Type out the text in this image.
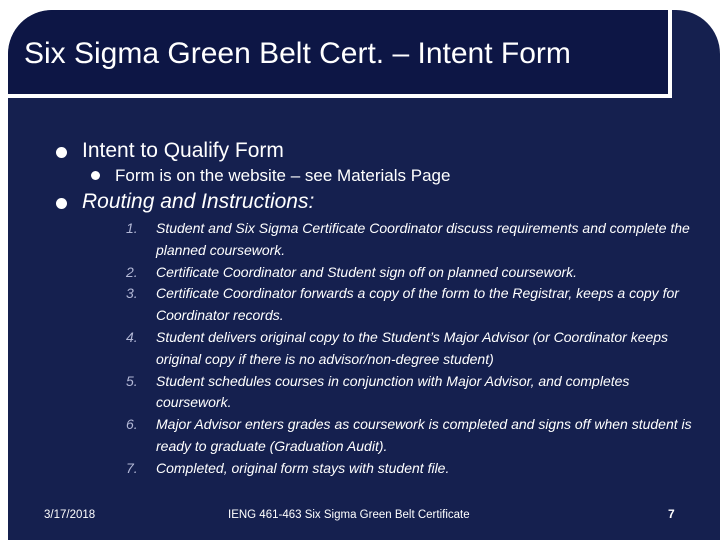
Six Sigma Green Belt Cert. – Intent Form
Intent to Qualify Form
Form is on the website – see Materials Page
Routing and Instructions:
1. Student and Six Sigma Certificate Coordinator discuss requirements and complete the planned coursework.
2. Certificate Coordinator and Student sign off on planned coursework.
3. Certificate Coordinator forwards a copy of the form to the Registrar, keeps a copy for Coordinator records.
4. Student delivers original copy to the Student’s Major Advisor (or Coordinator keeps original copy if there is no advisor/non-degree student)
5. Student schedules courses in conjunction with Major Advisor, and completes coursework.
6. Major Advisor enters grades as coursework is completed and signs off when student is ready to graduate (Graduation Audit).
7. Completed, original form stays with student file.
3/17/2018	IENG 461-463 Six Sigma Green Belt Certificate	7
